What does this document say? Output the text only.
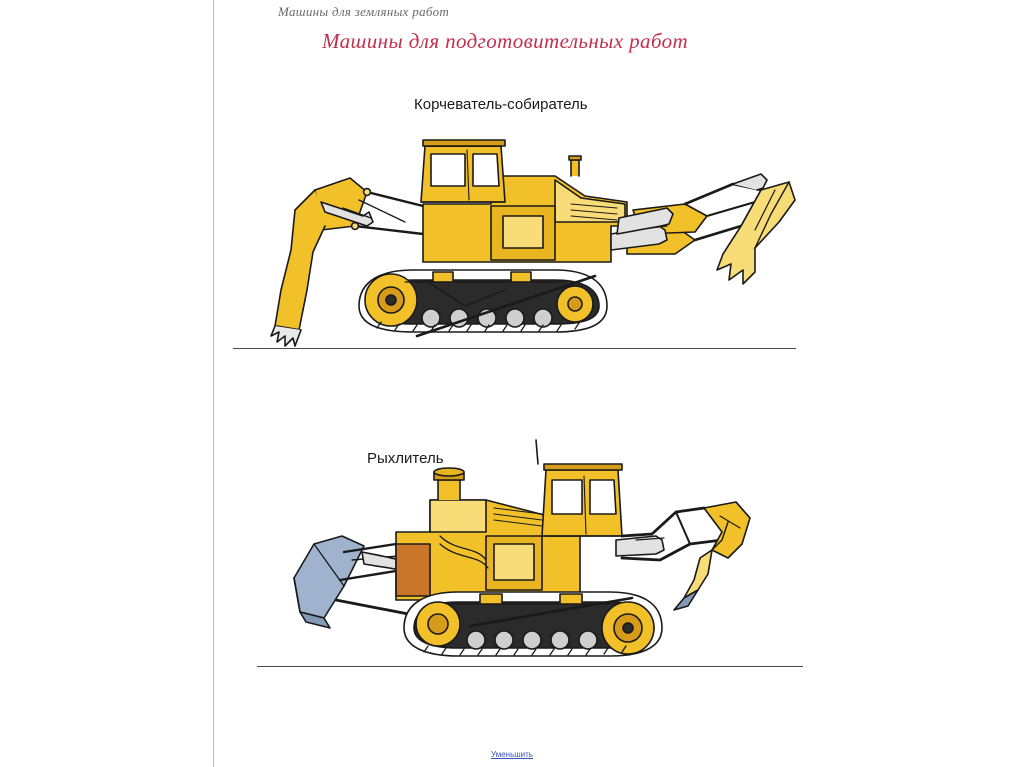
Машины для земляных работ
Машины для подготовительных работ
Корчеватель-собиратель
Рыхлитель
Уменьшить
